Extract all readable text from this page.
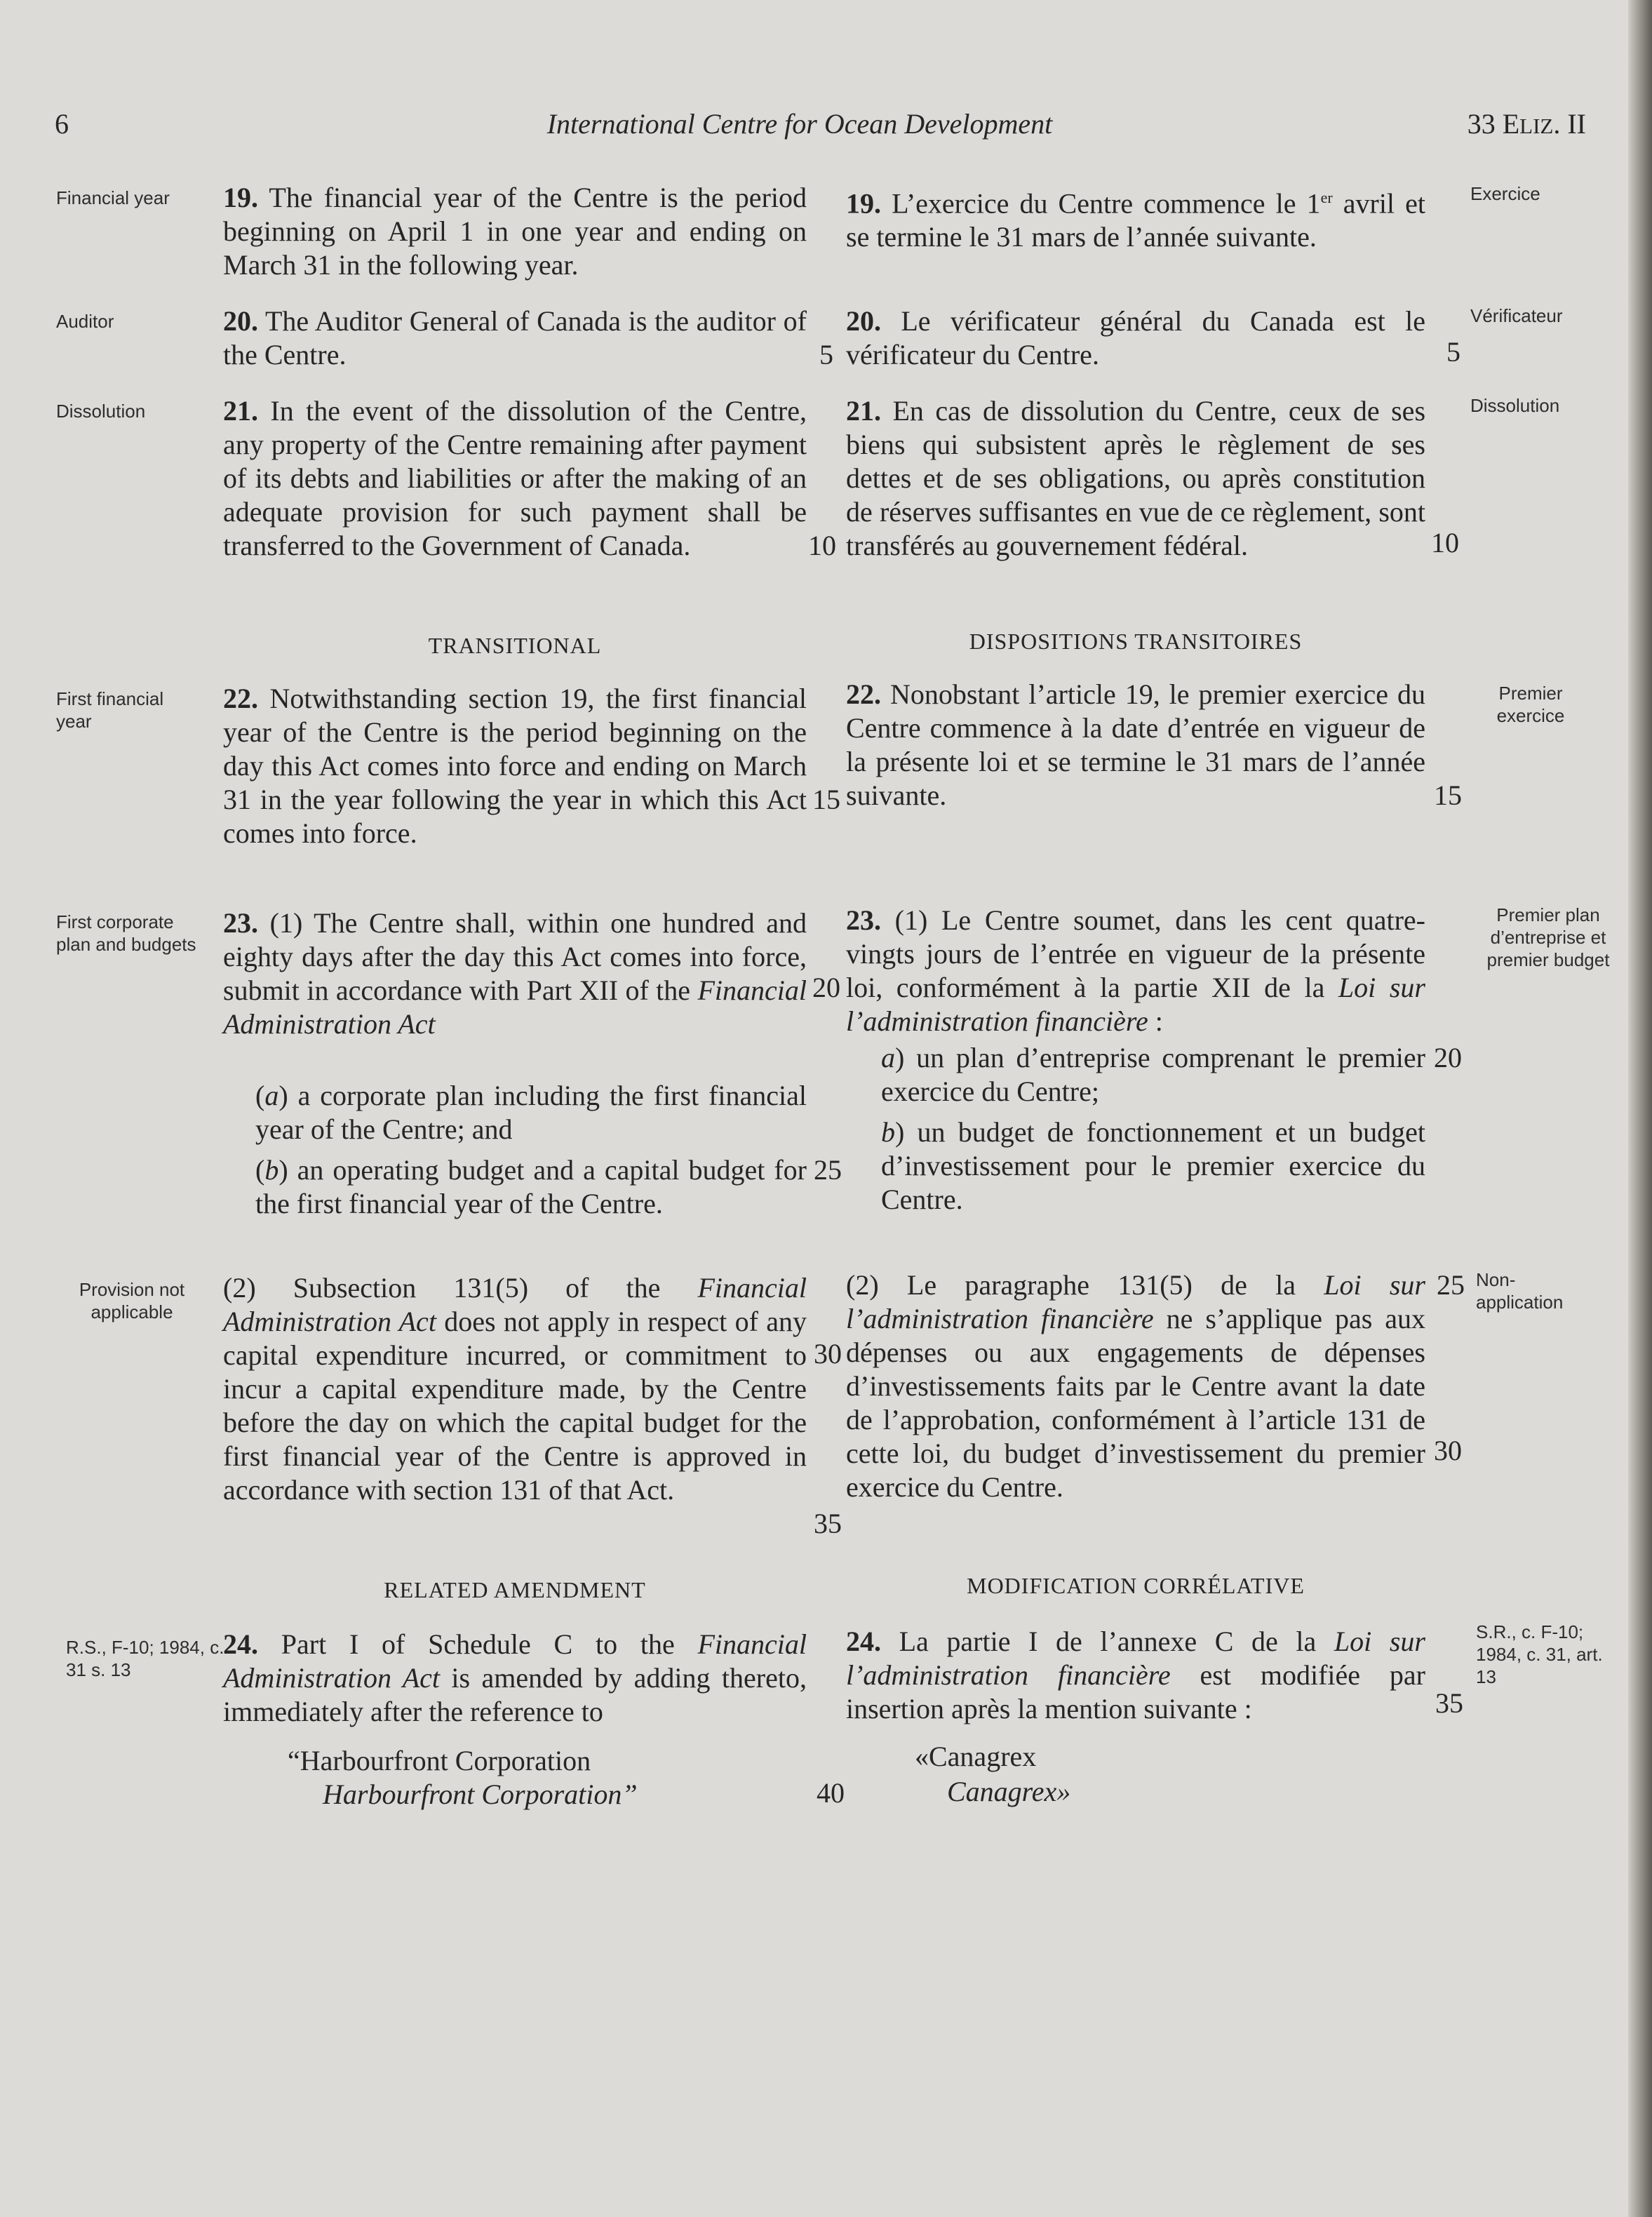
6	International Centre for Ocean Development	33 ELIZ. II
Financial year	Exercice
19. The financial year of the Centre is the period beginning on April 1 in one year and ending on March 31 in the following year.
19. L’exercice du Centre commence le 1er avril et se termine le 31 mars de l’année suivante.
Auditor	Vérificateur
20. The Auditor General of Canada is the auditor of the Centre.
20. Le vérificateur général du Canada est le vérificateur du Centre.
Dissolution	Dissolution
21. In the event of the dissolution of the Centre, any property of the Centre remaining after payment of its debts and liabilities or after the making of an adequate provision for such payment shall be transferred to the Government of Canada.
21. En cas de dissolution du Centre, ceux de ses biens qui subsistent après le règlement de ses dettes et de ses obligations, ou après constitution de réserves suffisantes en vue de ce règlement, sont transférés au gouvernement fédéral.
TRANSITIONAL	DISPOSITIONS TRANSITOIRES
First financial year
Premier exercice
22. Notwithstanding section 19, the first financial year of the Centre is the period beginning on the day this Act comes into force and ending on March 31 in the year following the year in which this Act comes into force.
22. Nonobstant l’article 19, le premier exercice du Centre commence à la date d’entrée en vigueur de la présente loi et se termine le 31 mars de l’année suivante.
First corporate plan and budgets
Premier plan d’entreprise et premier budget
23. (1) The Centre shall, within one hundred and eighty days after the day this Act comes into force, submit in accordance with Part XII of the Financial Administration Act
(a) a corporate plan including the first financial year of the Centre; and
(b) an operating budget and a capital budget for the first financial year of the Centre.
23. (1) Le Centre soumet, dans les cent quatre-vingts jours de l’entrée en vigueur de la présente loi, conformément à la partie XII de la Loi sur l’administration financière :
a) un plan d’entreprise comprenant le premier exercice du Centre;
b) un budget de fonctionnement et un budget d’investissement pour le premier exercice du Centre.
Provision not applicable
Non-application
(2) Subsection 131(5) of the Financial Administration Act does not apply in respect of any capital expenditure incurred, or commitment to incur a capital expenditure made, by the Centre before the day on which the capital budget for the first financial year of the Centre is approved in accordance with section 131 of that Act.
(2) Le paragraphe 131(5) de la Loi sur l’administration financière ne s’applique pas aux dépenses ou aux engagements de dépenses d’investissements faits par le Centre avant la date de l’approbation, conformément à l’article 131 de cette loi, du budget d’investissement du premier exercice du Centre.
RELATED AMENDMENT	MODIFICATION CORRÉLATIVE
R.S., F-10; 1984, c. 31 s. 13
S.R., c. F-10; 1984, c. 31, art. 13
24. Part I of Schedule C to the Financial Administration Act is amended by adding thereto, immediately after the reference to
“Harbourfront Corporation
Harbourfront Corporation”
24. La partie I de l’annexe C de la Loi sur l’administration financière est modifiée par insertion après la mention suivante :
«Canagrex
Canagrex»
5
10
15
20
25
30
35
40
5
10
15
20
25
30
35
